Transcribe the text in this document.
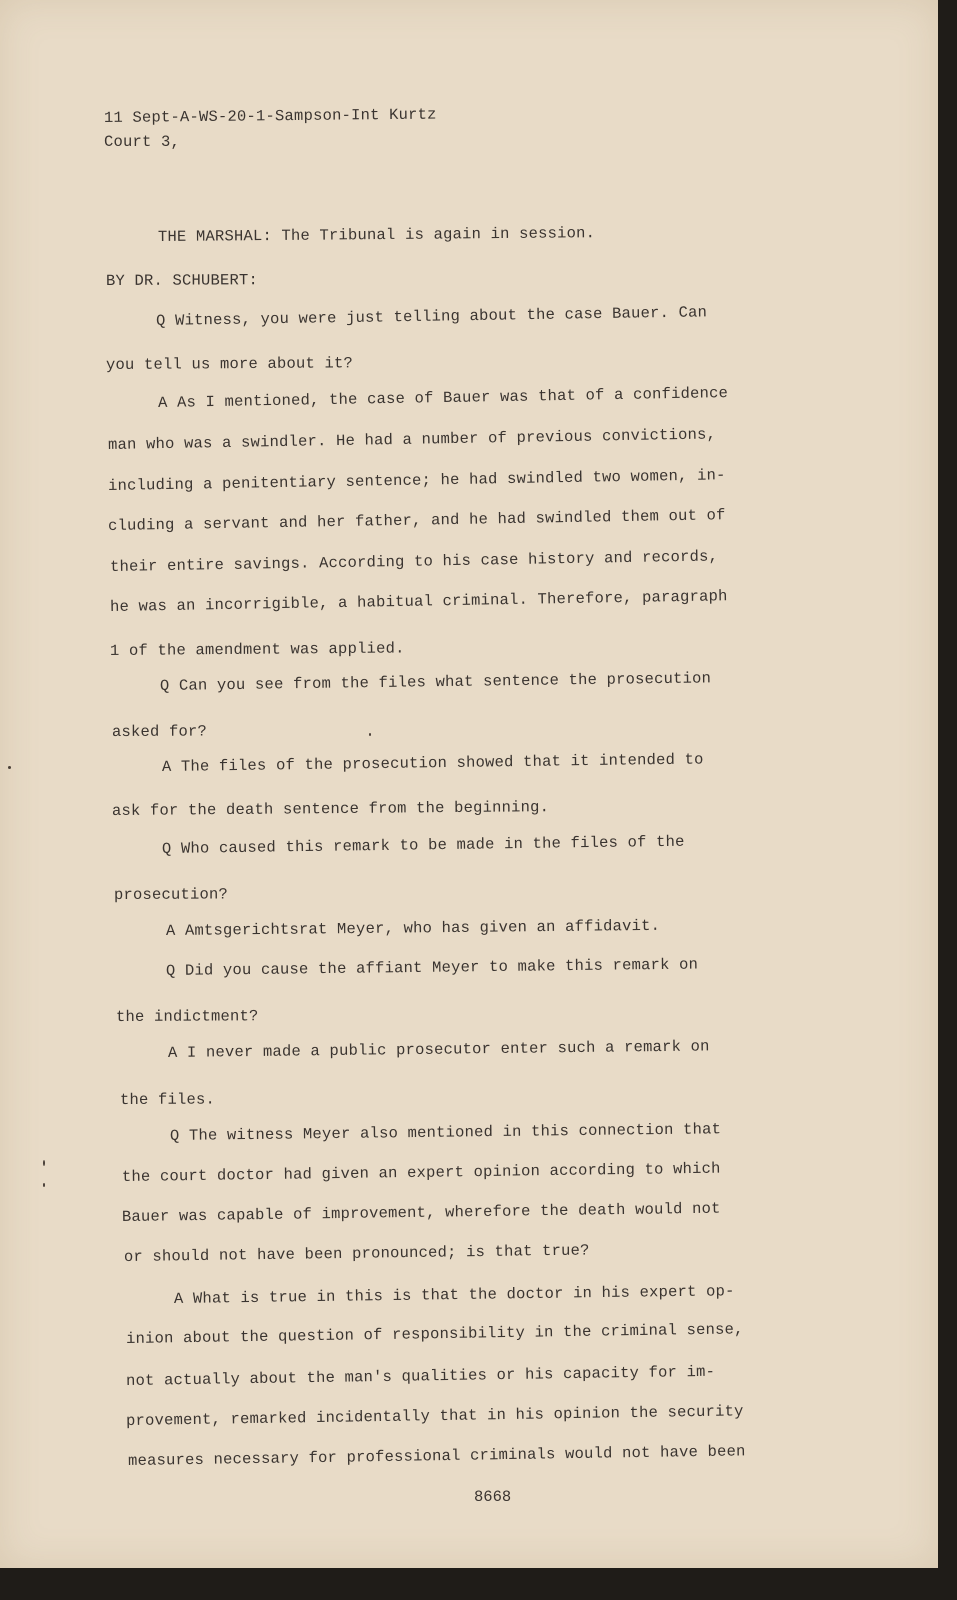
11 Sept-A-WS-20-1-Sampson-Int Kurtz
Court 3,
THE MARSHAL: The Tribunal is again in session.
BY DR. SCHUBERT:
Q Witness, you were just telling about the case Bauer. Can
you tell us more about it?
A As I mentioned, the case of Bauer was that of a confidence
man who was a swindler. He had a number of previous convictions,
including a penitentiary sentence; he had swindled two women, in-
cluding a servant and her father, and he had swindled them out of
their entire savings. According to his case history and records,
he was an incorrigible, a habitual criminal. Therefore, paragraph
1 of the amendment was applied.
Q Can you see from the files what sentence the prosecution
asked for?
A The files of the prosecution showed that it intended to
ask for the death sentence from the beginning.
Q Who caused this remark to be made in the files of the
prosecution?
A Amtsgerichtsrat Meyer, who has given an affidavit.
Q Did you cause the affiant Meyer to make this remark on
the indictment?
A I never made a public prosecutor enter such a remark on
the files.
Q The witness Meyer also mentioned in this connection that
the court doctor had given an expert opinion according to which
Bauer was capable of improvement, wherefore the death would not
or should not have been pronounced; is that true?
A What is true in this is that the doctor in his expert op-
inion about the question of responsibility in the criminal sense,
not actually about the man's qualities or his capacity for im-
provement, remarked incidentally that in his opinion the security
measures necessary for professional criminals would not have been
8668
